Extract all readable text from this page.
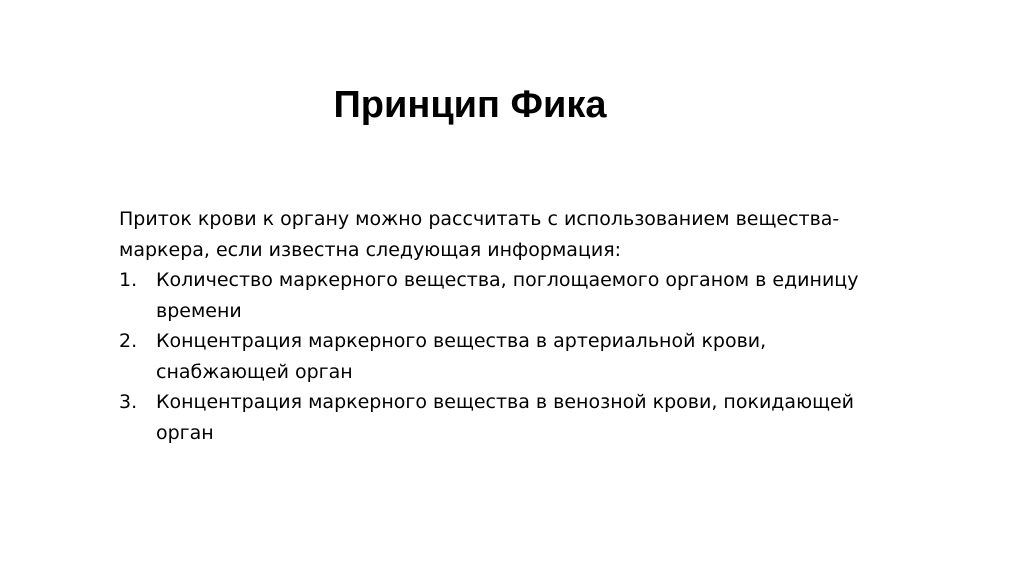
Принцип Фика

Приток крови к органу можно рассчитать с использованием вещества-маркера, если известна следующая информация:

1. Количество маркерного вещества, поглощаемого органом в единицу времени
2. Концентрация маркерного вещества в артериальной крови, снабжающей орган
3. Концентрация маркерного вещества в венозной крови, покидающей орган
